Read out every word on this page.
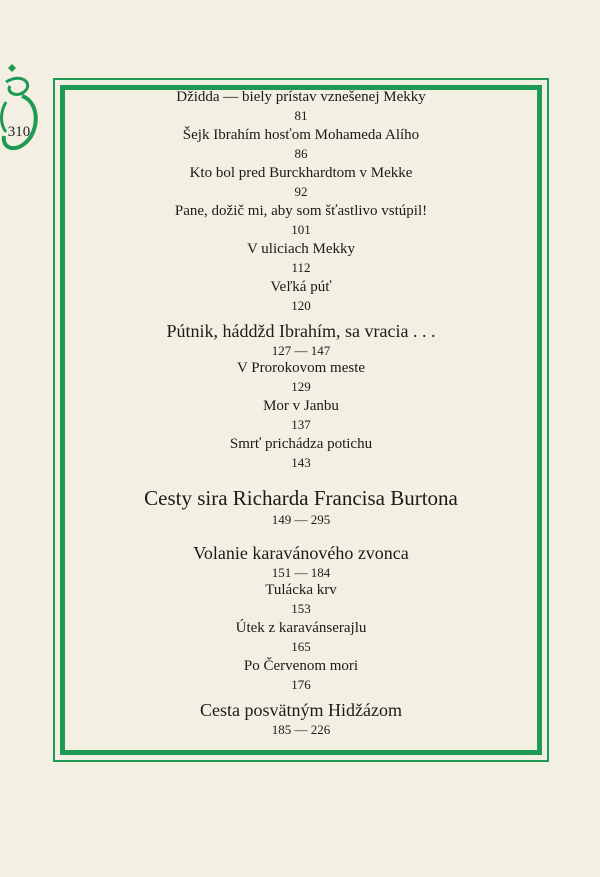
310
Džidda — biely prístav vznešenej Mekky
81
Šejk Ibrahím hosťom Mohameda Alího
86
Kto bol pred Burckhardtom v Mekke
92
Pane, dožič mi, aby som šťastlivo vstúpil!
101
V uliciach Mekky
112
Veľká púť
120
Pútnik, háddžd Ibrahím, sa vracia . . .
127 — 147
V Prorokovom meste
129
Mor v Janbu
137
Smrť prichádza potichu
143
Cesty sira Richarda Francisa Burtona
149 — 295
Volanie karavánového zvonca
151 — 184
Tulácka krv
153
Útek z karavánserajlu
165
Po Červenom mori
176
Cesta posvätným Hidžázom
185 — 226
